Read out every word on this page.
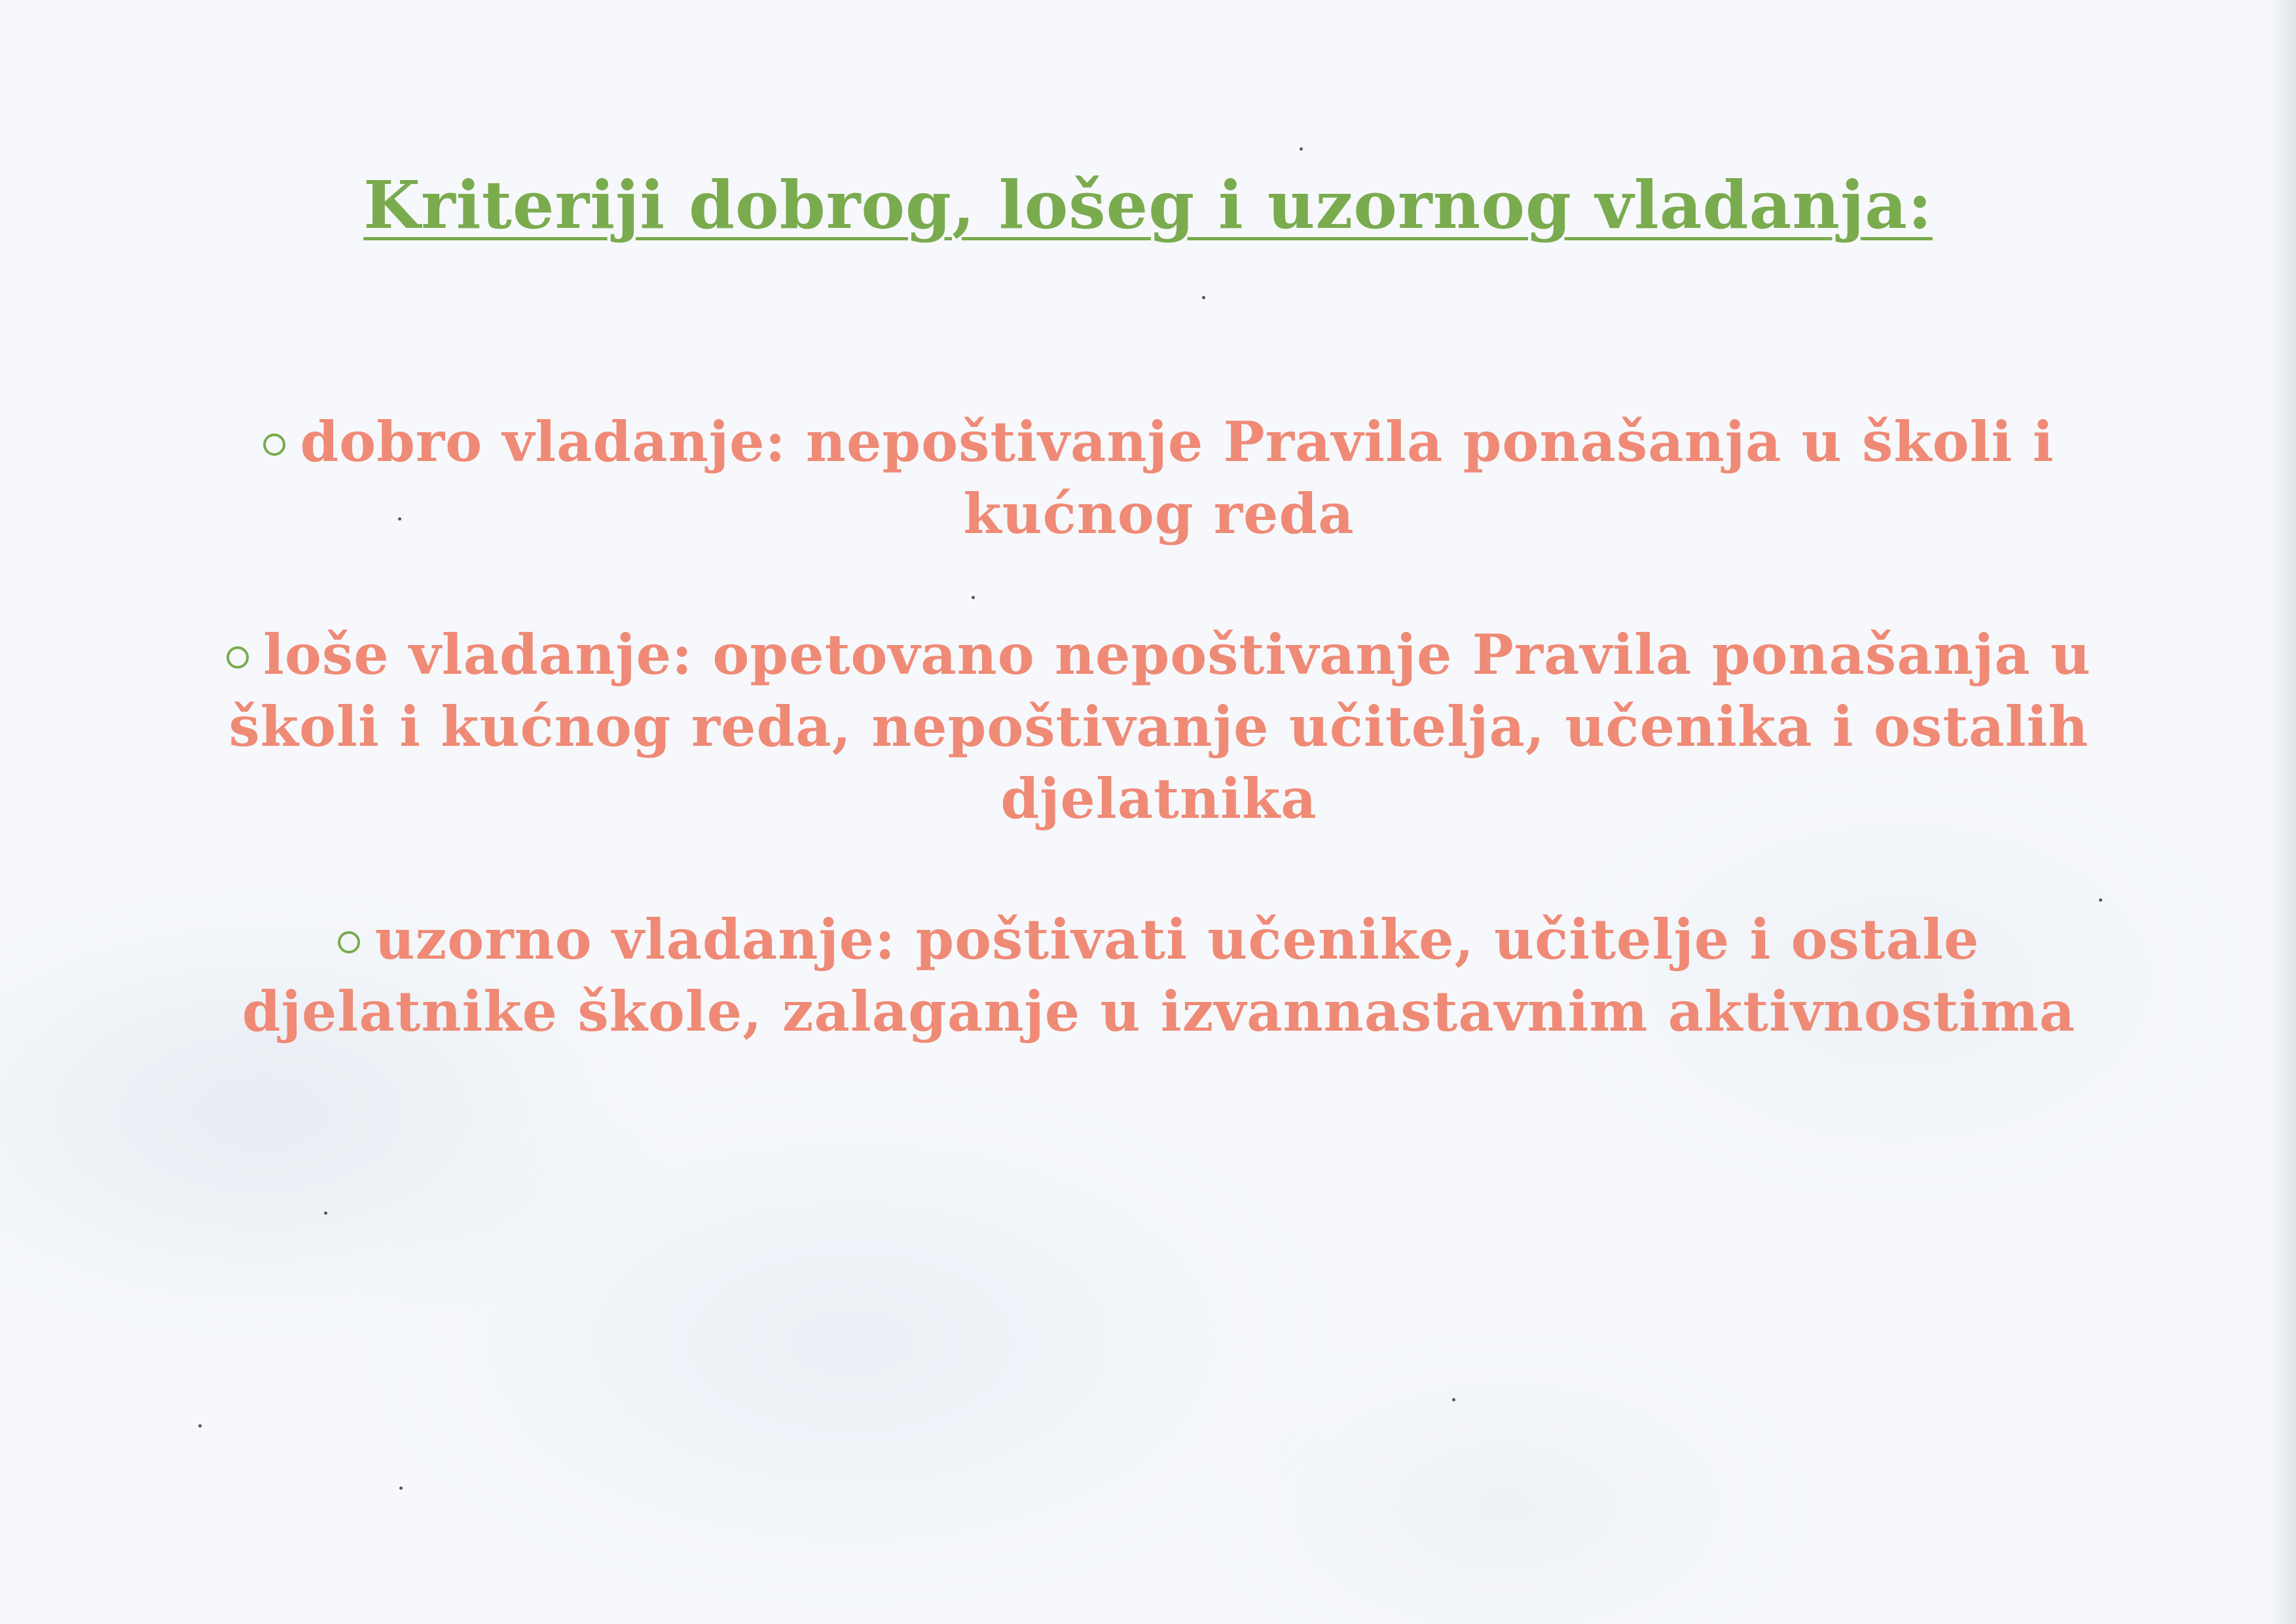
Kriteriji dobrog, lošeg i uzornog vladanja:
dobro vladanje: nepoštivanje Pravila ponašanja u školi i kućnog reda
loše vladanje: opetovano nepoštivanje Pravila ponašanja u školi i kućnog reda, nepoštivanje učitelja, učenika i ostalih djelatnika
uzorno vladanje: poštivati učenike, učitelje i ostale djelatnike škole, zalaganje u izvannastavnim aktivnostima
